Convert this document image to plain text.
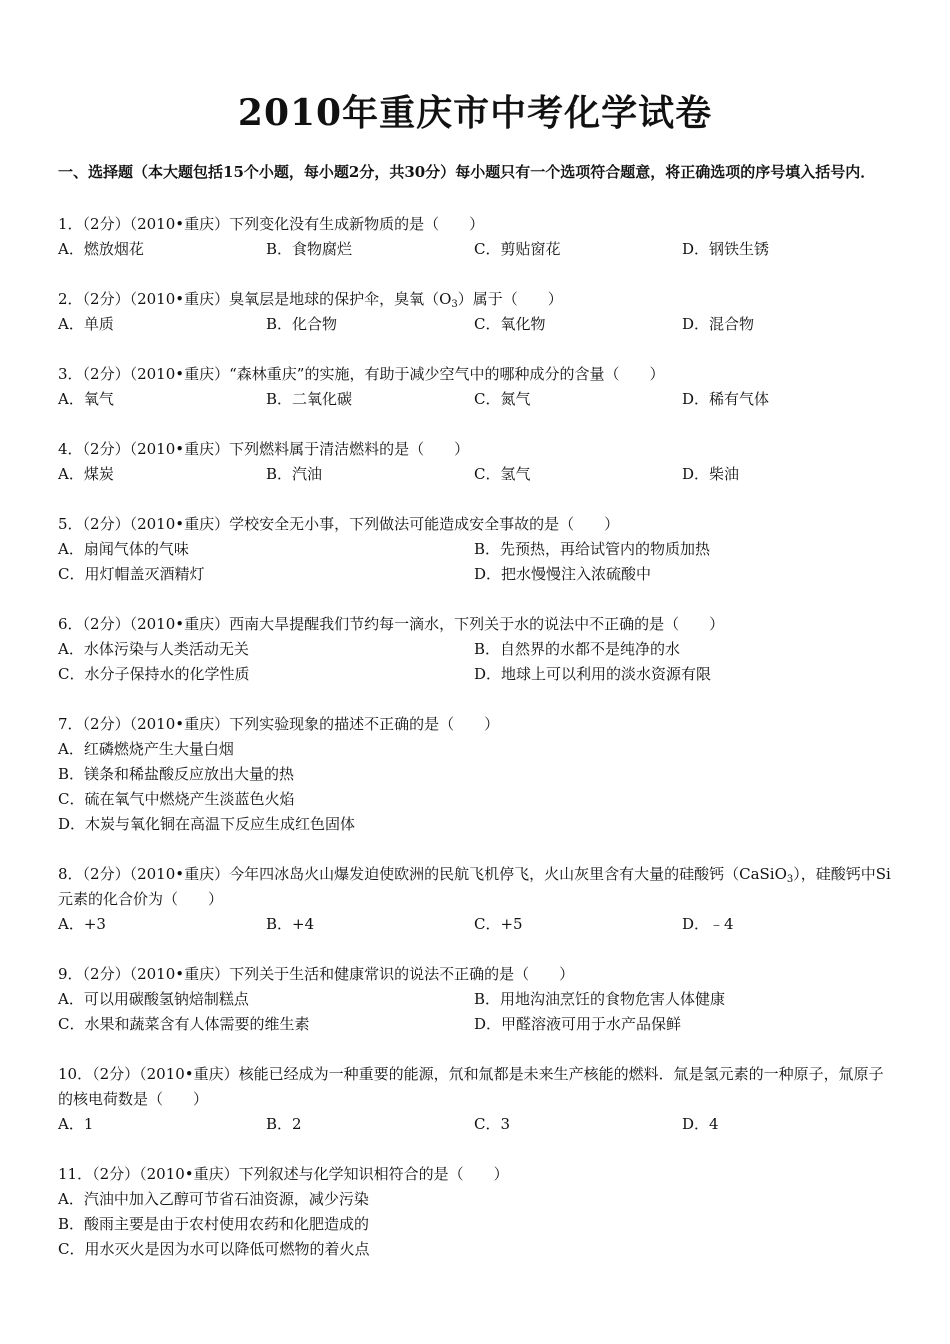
2010年重庆市中考化学试卷
一、选择题（本大题包括15个小题，每小题2分，共30分）每小题只有一个选项符合题意，将正确选项的序号填入括号内．
1．（2分）（2010•重庆）下列变化没有生成新物质的是（　　）
A．燃放烟花	B．食物腐烂	C．剪贴窗花	D．钢铁生锈
2．（2分）（2010•重庆）臭氧层是地球的保护伞，臭氧$(O_3)$属于（　　）
A．单质	B．化合物	C．氧化物	D．混合物
3．（2分）（2010•重庆）“森林重庆”的实施，有助于减少空气中的哪种成分的含量（　　）
A．氧气	B．二氧化碳	C．氮气	D．稀有气体
4．（2分）（2010•重庆）下列燃料属于清洁燃料的是（　　）
A．煤炭	B．汽油	C．氢气	D．柴油
5．（2分）（2010•重庆）学校安全无小事，下列做法可能造成安全事故的是（　　）
A．扇闻气体的气味	B．先预热，再给试管内的物质加热
C．用灯帽盖灭酒精灯	D．把水慢慢注入浓硫酸中
6．（2分）（2010•重庆）西南大旱提醒我们节约每一滴水，下列关于水的说法中不正确的是（　　）
A．水体污染与人类活动无关	B．自然界的水都不是纯净的水
C．水分子保持水的化学性质	D．地球上可以利用的淡水资源有限
7．（2分）（2010•重庆）下列实验现象的描述不正确的是（　　）
A．红磷燃烧产生大量白烟
B．镁条和稀盐酸反应放出大量的热
C．硫在氧气中燃烧产生淡蓝色火焰
D．木炭与氧化铜在高温下反应生成红色固体
8．（2分）（2010•重庆）今年四冰岛火山爆发迫使欧洲的民航飞机停飞，火山灰里含有大量的硅酸钙（CaSiO$_3$），硅酸钙中Si元素的化合价为（　　）
A．+3	B．+4	C．+5	D．﹣4
9．（2分）（2010•重庆）下列关于生活和健康常识的说法不正确的是（　　）
A．可以用碳酸氢钠焙制糕点	B．用地沟油烹饪的食物危害人体健康
C．水果和蔬菜含有人体需要的维生素	D．甲醛溶液可用于水产品保鲜
10．（2分）（2010•重庆）核能已经成为一种重要的能源，氘和氚都是未来生产核能的燃料．氚是氢元素的一种原子，氚原子的核电荷数是（　　）
A．1	B．2	C．3	D．4
11．（2分）（2010•重庆）下列叙述与化学知识相符合的是（　　）
A．汽油中加入乙醇可节省石油资源，减少污染
B．酸雨主要是由于农村使用农药和化肥造成的
C．用水灭火是因为水可以降低可燃物的着火点
